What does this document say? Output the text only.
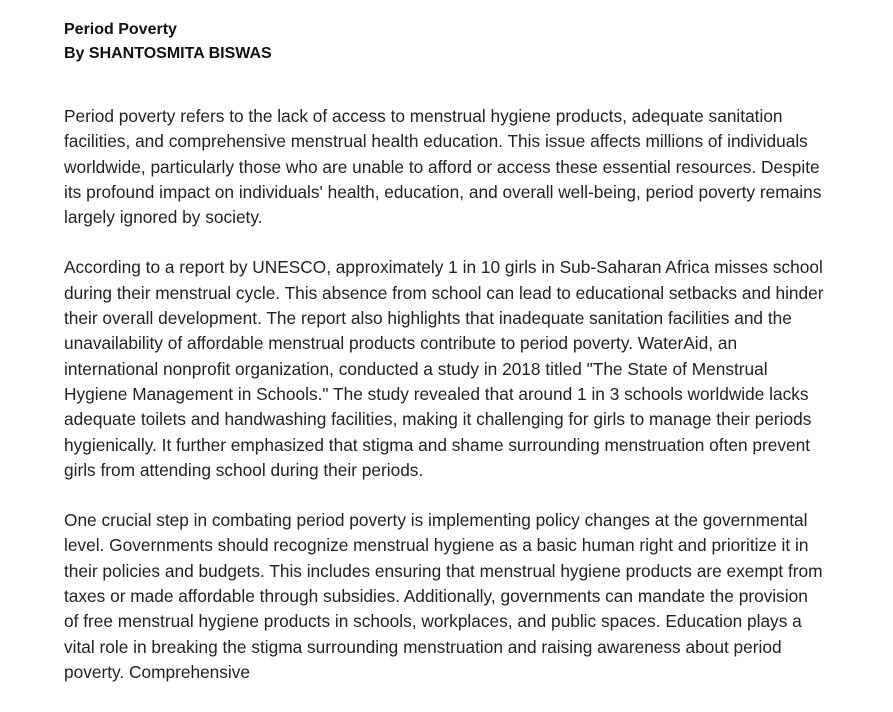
Period Poverty

By SHANTOSMITA BISWAS

Period poverty refers to the lack of access to menstrual hygiene products, adequate sanitation facilities, and comprehensive menstrual health education. This issue affects millions of individuals worldwide, particularly those who are unable to afford or access these essential resources. Despite its profound impact on individuals' health, education, and overall well-being, period poverty remains largely ignored by society.

According to a report by UNESCO, approximately 1 in 10 girls in Sub-Saharan Africa misses school during their menstrual cycle. This absence from school can lead to educational setbacks and hinder their overall development. The report also highlights that inadequate sanitation facilities and the unavailability of affordable menstrual products contribute to period poverty. WaterAid, an international nonprofit organization, conducted a study in 2018 titled "The State of Menstrual Hygiene Management in Schools." The study revealed that around 1 in 3 schools worldwide lacks adequate toilets and handwashing facilities, making it challenging for girls to manage their periods hygienically. It further emphasized that stigma and shame surrounding menstruation often prevent girls from attending school during their periods.

One crucial step in combating period poverty is implementing policy changes at the governmental level. Governments should recognize menstrual hygiene as a basic human right and prioritize it in their policies and budgets. This includes ensuring that menstrual hygiene products are exempt from taxes or made affordable through subsidies. Additionally, governments can mandate the provision of free menstrual hygiene products in schools, workplaces, and public spaces. Education plays a vital role in breaking the stigma surrounding menstruation and raising awareness about period poverty. Comprehensive
